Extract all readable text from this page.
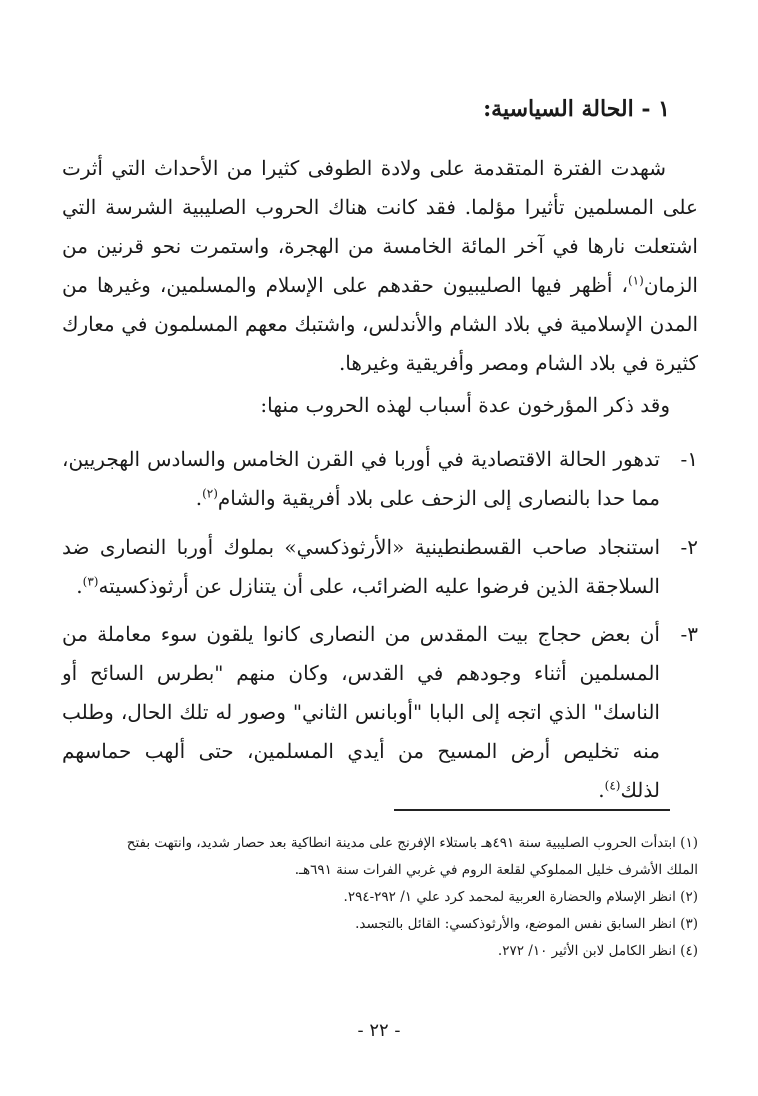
١ - الحالة السياسية:

شهدت الفترة المتقدمة على ولادة الطوفى كثيرا من الأحداث التي أثرت على المسلمين تأثيرا مؤلما. فقد كانت هناك الحروب الصليبية الشرسة التي اشتعلت نارها في آخر المائة الخامسة من الهجرة، واستمرت نحو قرنين من الزمان$^{(١)}$، أظهر فيها الصليبيون حقدهم على الإسلام والمسلمين، وغيرها من المدن الإسلامية في بلاد الشام والأندلس، واشتبك معهم المسلمون في معارك كثيرة في بلاد الشام ومصر وأفريقية وغيرها.

وقد ذكر المؤرخون عدة أسباب لهذه الحروب منها:

١-
تدهور الحالة الاقتصادية في أوربا في القرن الخامس والسادس الهجريين، مما حدا بالنصارى إلى الزحف على بلاد أفريقية والشام$^{(٢)}$.
٢-
استنجاد صاحب القسطنطينية «الأرثوذكسي» بملوك أوربا النصارى ضد السلاجقة الذين فرضوا عليه الضرائب، على أن يتنازل عن أرثوذكسيته$^{(٣)}$.
٣-
أن بعض حجاج بيت المقدس من النصارى كانوا يلقون سوء معاملة من المسلمين أثناء وجودهم في القدس، وكان منهم "بطرس السائح أو الناسك" الذي اتجه إلى البابا "أوبانس الثاني" وصور له تلك الحال، وطلب منه تخليص أرض المسيح من أيدي المسلمين، حتى ألهب حماسهم لذلك$^{(٤)}$.
(١) ابتدأت الحروب الصليبية سنة ٤٩١هـ باستلاء الإفرنج على مدينة انطاكية بعد حصار شديد، وانتهت بفتح
الملك الأشرف خليل المملوكي لقلعة الروم في غربي الفرات سنة ٦٩١هـ.
(٢) انظر الإسلام والحضارة العربية لمحمد كرد علي ١/ ٢٩٢-٢٩٤.
(٣) انظر السابق نفس الموضع، والأرثوذكسي: القائل بالتجسد.
(٤) انظر الكامل لابن الأثير ١٠/ ٢٧٢.
- ٢٢ -
